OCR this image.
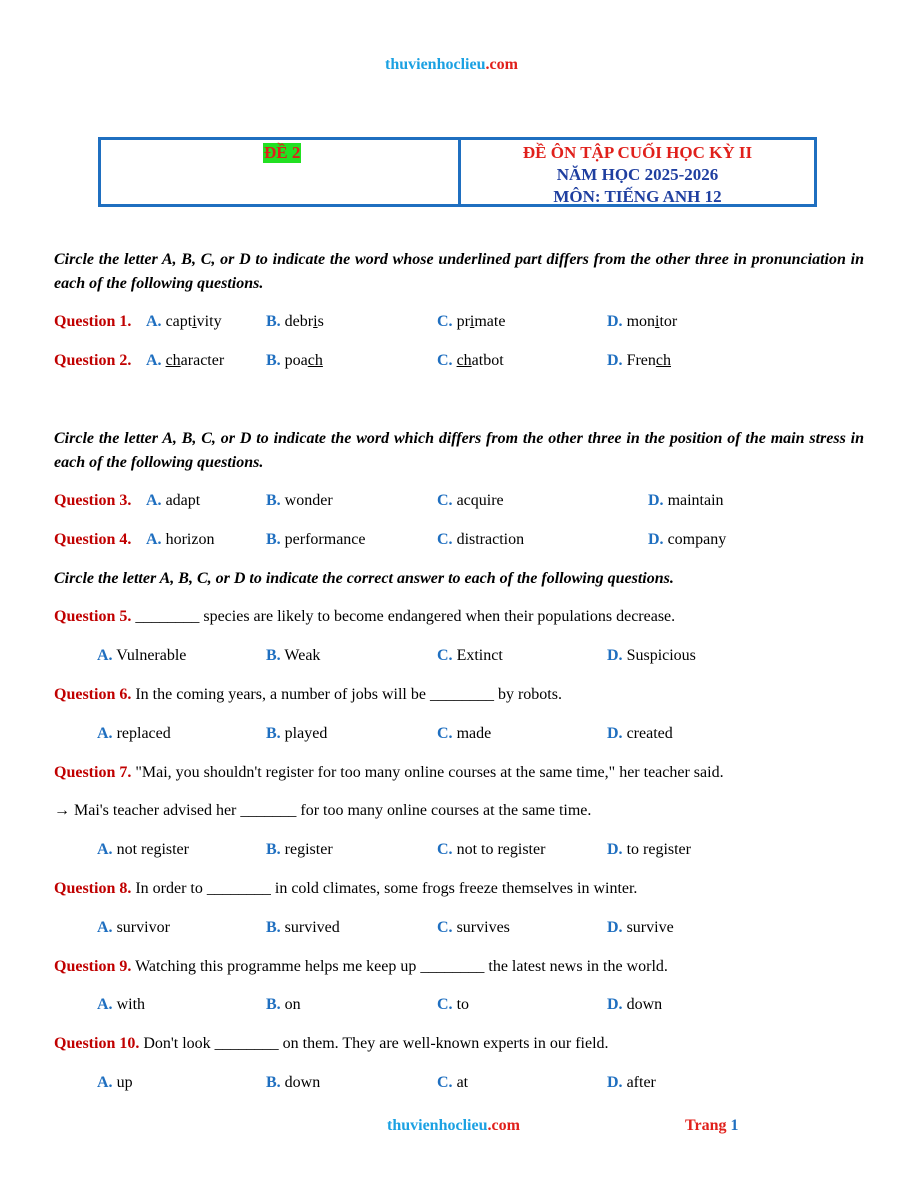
thuvienhoclieu.com
ĐỀ 2	ĐỀ ÔN TẬP CUỐI HỌC KỲ II
NĂM HỌC 2025-2026
MÔN: TIẾNG ANH 12
Circle the letter A, B, C, or D to indicate the word whose underlined part differs from the other three in pronunciation in each of the following questions.
Question 1. A. captivity	B. debris	C. primate	D. monitor
Question 2. A. character	B. poach	C. chatbot	D. French
Circle the letter A, B, C, or D to indicate the word which differs from the other three in the position of the main stress in each of the following questions.
Question 3. A. adapt	B. wonder	C. acquire	D. maintain
Question 4. A. horizon	B. performance	C. distraction	D. company
Circle the letter A, B, C, or D to indicate the correct answer to each of the following questions.
Question 5. ________ species are likely to become endangered when their populations decrease.
A. Vulnerable	B. Weak	C. Extinct	D. Suspicious
Question 6. In the coming years, a number of jobs will be ________ by robots.
A. replaced	B. played	C. made	D. created
Question 7. "Mai, you shouldn't register for too many online courses at the same time," her teacher said.
→ Mai's teacher advised her _______ for too many online courses at the same time.
A. not register	B. register	C. not to register	D. to register
Question 8. In order to ________ in cold climates, some frogs freeze themselves in winter.
A. survivor	B. survived	C. survives	D. survive
Question 9. Watching this programme helps me keep up ________ the latest news in the world.
A. with	B. on	C. to	D. down
Question 10. Don't look ________ on them. They are well-known experts in our field.
A. up	B. down	C. at	D. after
thuvienhoclieu.com	Trang 1
